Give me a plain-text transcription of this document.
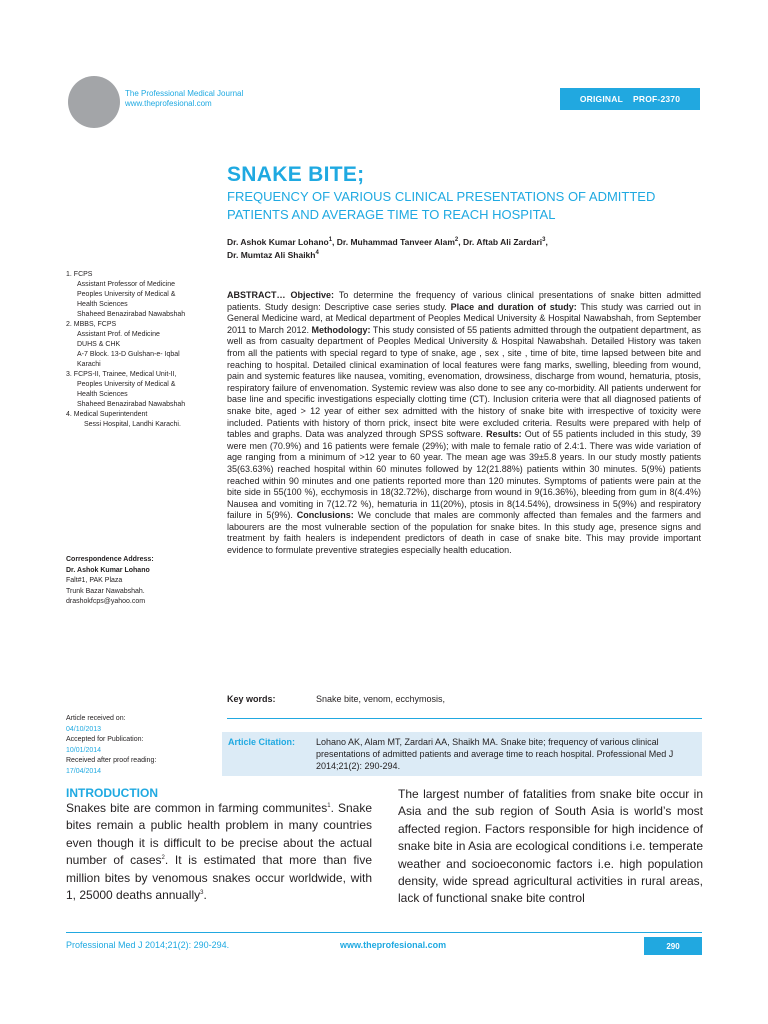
The Professional Medical Journal
www.theprofesional.com	ORIGINAL PROF-2370
SNAKE BITE;
FREQUENCY OF VARIOUS CLINICAL PRESENTATIONS OF ADMITTED PATIENTS AND AVERAGE TIME TO REACH HOSPITAL
Dr. Ashok Kumar Lohano$^1$, Dr. Muhammad Tanveer Alam$^2$, Dr. Aftab Ali Zardari$^3$,
Dr. Mumtaz Ali Shaikh$^4$
1. FCPS
Assistant Professor of Medicine
Peoples University of Medical &
Health Sciences
Shaheed Benazirabad Nawabshah
2. MBBS, FCPS
Assistant Prof. of Medicine
DUHS & CHK
A-7 Block. 13-D Gulshan-e- Iqbal
Karachi
3. FCPS-II, Trainee, Medical Unit-II,
Peoples University of Medical &
Health Sciences
Shaheed Benazirabad Nawabshah
4. Medical Superintendent
Sessi Hospital, Landhi Karachi.
Correspondence Address:
Dr. Ashok Kumar Lohano
Falt#1, PAK Plaza
Trunk Bazar Nawabshah.
drashokfcps@yahoo.com
Article received on:
04/10/2013
Accepted for Publication:
10/01/2014
Received after proof reading:
17/04/2014
ABSTRACT… Objective: To determine the frequency of various clinical presentations of snake bitten admitted patients. Study design: Descriptive case series study. Place and duration of study: This study was carried out in General Medicine ward, at Medical department of Peoples Medical University & Hospital Nawabshah, from September 2011 to March 2012. Methodology: This study consisted of 55 patients admitted through the outpatient department, as well as from casualty department of Peoples Medical University & Hospital Nawabshah. Detailed History was taken from all the patients with special regard to type of snake, age , sex , site , time of bite, time lapsed between bite and reaching to hospital. Detailed clinical examination of local features were fang marks, swelling, bleeding from wound, pain and systemic features like nausea, vomiting, evenomation, drowsiness, discharge from wound, hematuria, ptosis, respiratory failure of envenomation. Systemic review was also done to see any co-morbidity. All patients underwent for base line and specific investigations especially clotting time (CT). Inclusion criteria were that all diagnosed patients of snake bite, aged > 12 year of either sex admitted with the history of snake bite with irrespective of toxicity were included. Patients with history of thorn prick, insect bite were excluded criteria. Results were prepared with help of tables and graphs. Data was analyzed through SPSS software. Results: Out of 55 patients included in this study, 39 were men (70.9%) and 16 patients were female (29%); with male to female ratio of 2.4:1. There was wide variation of age ranging from a minimum of >12 year to 60 year. The mean age was 39±5.8 years. In our study mostly patients 35(63.63%) reached hospital within 60 minutes followed by 12(21.88%) patients within 30 minutes. 5(9%) patients reached within 90 minutes and one patients reported more than 120 minutes. Symptoms of patients were pain at the bite side in 55(100 %), ecchymosis in 18(32.72%), discharge from wound in 9(16.36%), bleeding from gum in 8(4.4%) Nausea and vomiting in 7(12.72 %), hematuria in 11(20%), ptosis in 8(14.54%), drowsiness in 5(9%) and respiratory failure in 5(9%). Conclusions: We conclude that males are commonly affected than females and the farmers and labourers are the most vulnerable section of the population for snake bites. In this study age, presence signs and treatment by faith healers is independent predictors of death in case of snake bite. This may provide important evidence to formulate preventive strategies especially health education.
Key words:	Snake bite, venom, ecchymosis,
Article Citation: Lohano AK, Alam MT, Zardari AA, Shaikh MA. Snake bite; frequency of various clinical presentations of admitted patients and average time to reach hospital. Professional Med J 2014;21(2): 290-294.
INTRODUCTION
Snakes bite are common in farming communites$^1$. Snake bites remain a public health problem in many countries even though it is difficult to be precise about the actual number of cases$^2$. It is estimated that more than five million bites by venomous snakes occur worldwide, with 1, 25000 deaths annually$^3$.
The largest number of fatalities from snake bite occur in Asia and the sub region of South Asia is world’s most affected region. Factors responsible for high incidence of snake bite in Asia are ecological conditions i.e. temperate weather and socioeconomic factors i.e. high population density, wide spread agricultural activities in rural areas, lack of functional snake bite control
Professional Med J 2014;21(2): 290-294.	www.theprofesional.com	290
